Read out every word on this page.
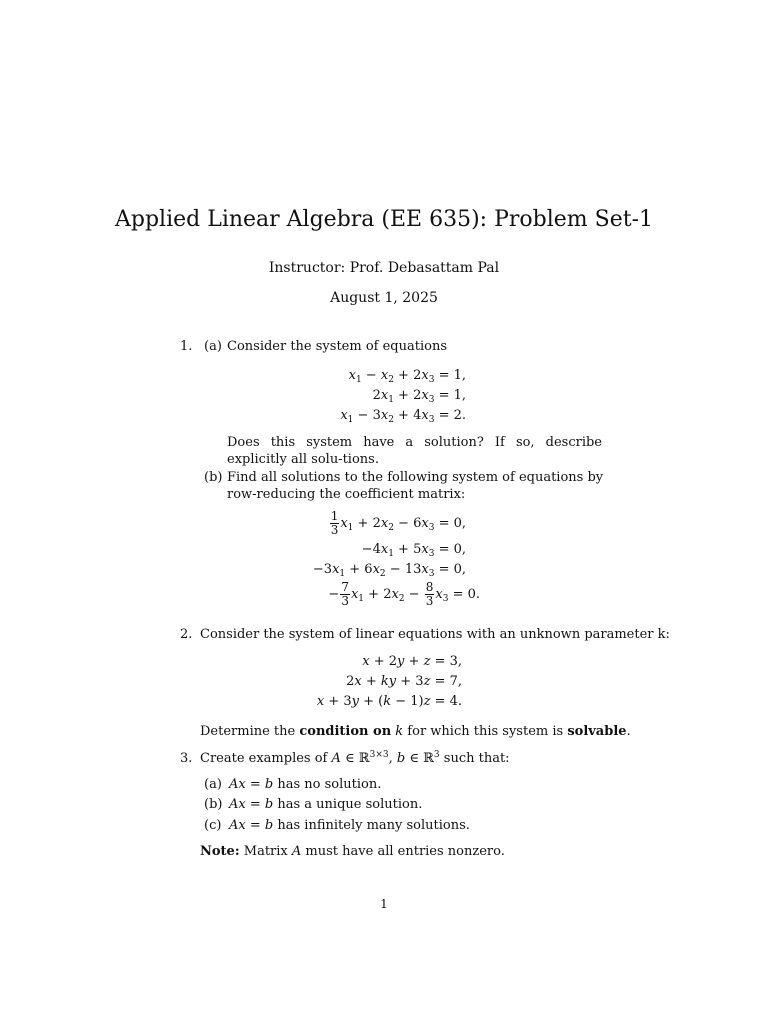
Applied Linear Algebra (EE 635): Problem Set-1
Instructor: Prof. Debasattam Pal
August 1, 2025
1. (a) Consider the system of equations
$x_1 - x_2 + 2x_3 = 1$,
$2x_1 + 2x_3 = 1$,
$x_1 - 3x_2 + 4x_3 = 2$.
Does this system have a solution? If so, describe explicitly all solu-tions.
(b) Find all solutions to the following system of equations by row-reducing the coefficient matrix:
$\frac{1}{3} x_1 + 2x_2 - 6x_3 = 0$,
$-4x_1 + 5x_3 = 0$,
$-3x_1 + 6x_2 - 13x_3 = 0$,
− $\frac{7}{3} x_1 + 2x_2 - \frac{8}{3} x_3 = 0$.
2. Consider the system of linear equations with an unknown parameter k:
x + 2y + z = 3,
2x + ky + 3z = 7,
x + 3y + (k − 1)z = 4.
Determine the condition on k for which this system is solvable.
3. Create examples of A ∈ ℝ$^{3\times 3}$, b ∈ ℝ$^3$ such that:
(a) Ax = b has no solution.
(b) Ax = b has a unique solution.
(c) Ax = b has infinitely many solutions.
Note: Matrix A must have all entries nonzero.
1
